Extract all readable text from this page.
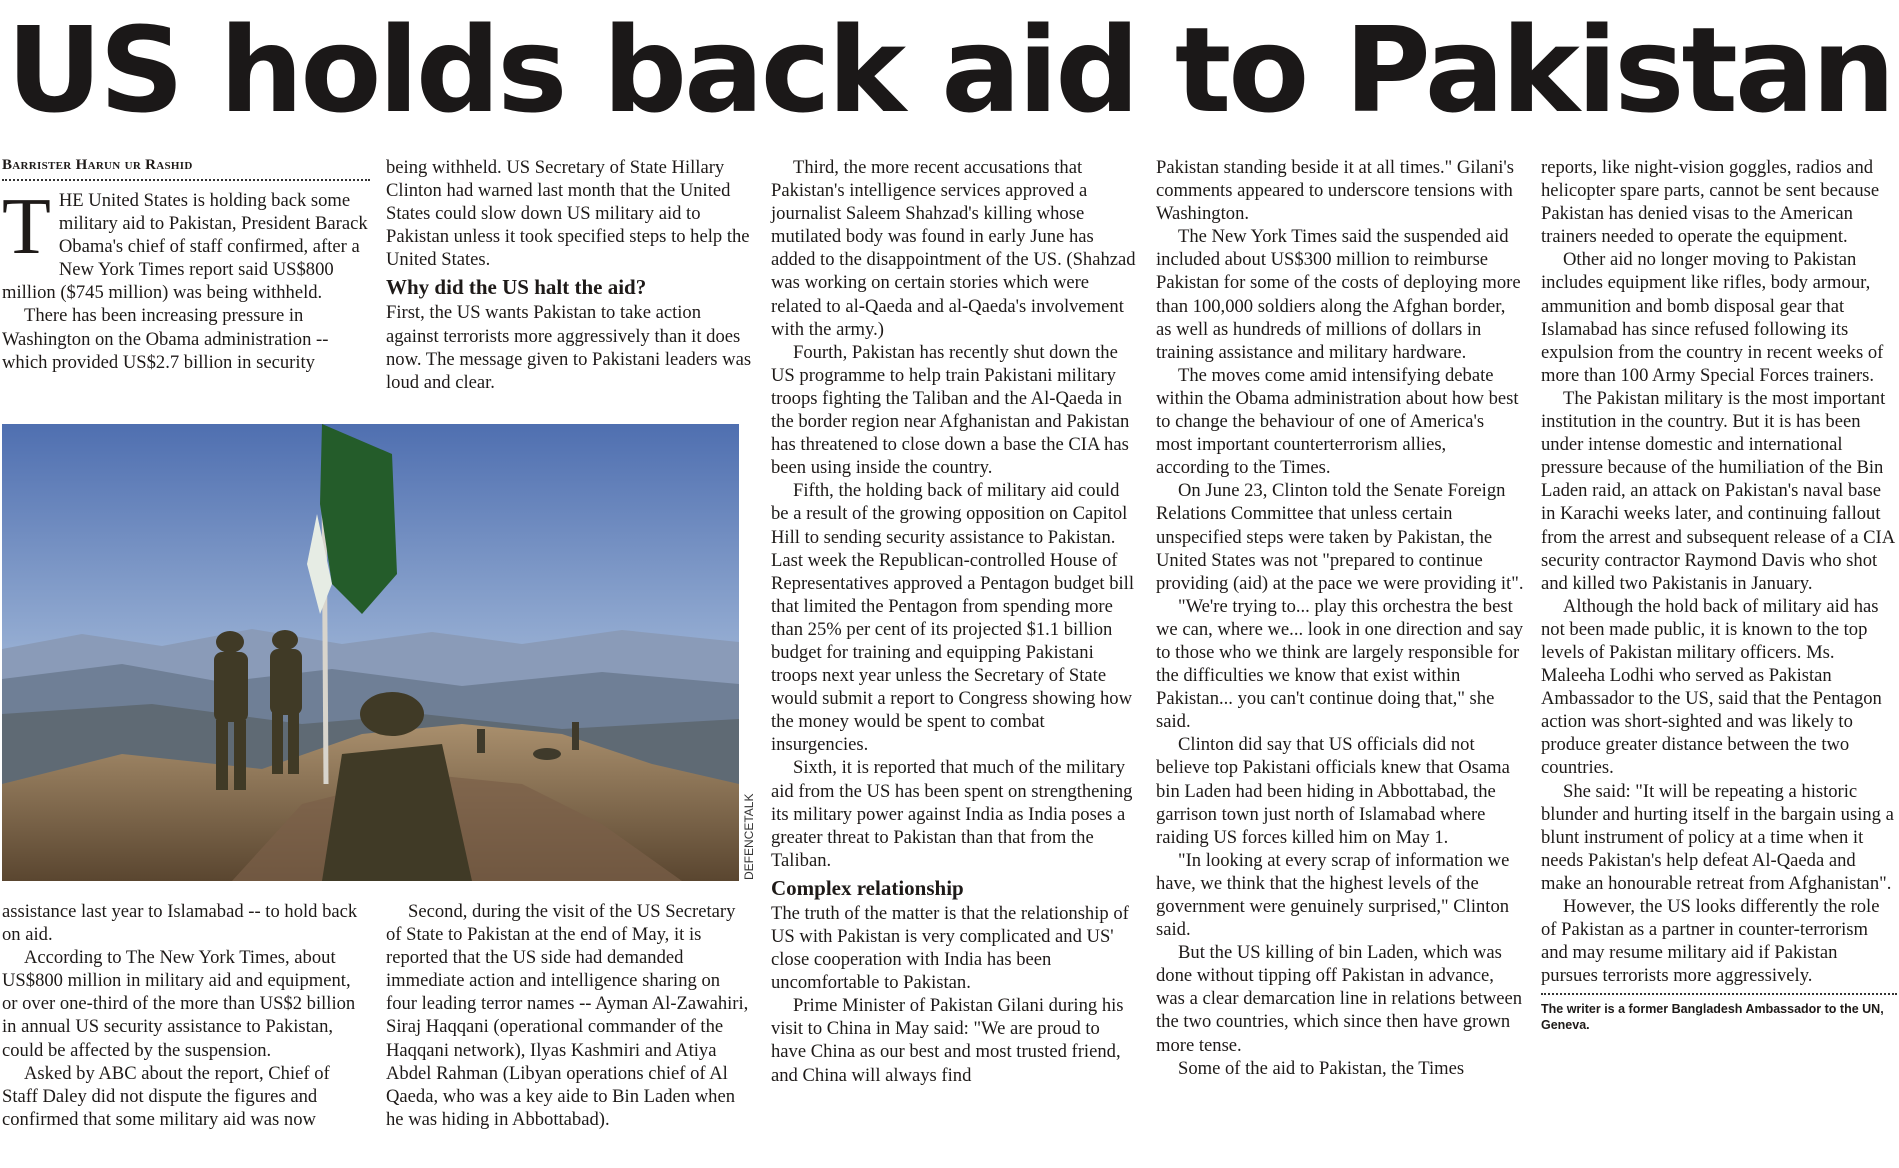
US holds back aid to Pakistan
Barrister Harun ur Rashid

THE United States is holding back some military aid to Pakistan, President Barack Obama's chief of staff confirmed, after a New York Times report said US$800 million ($745 million) was being withheld.

There has been increasing pressure in Washington on the Obama administration -- which provided US$2.7 billion in security

being withheld. US Secretary of State Hillary Clinton had warned last month that the United States could slow down US military aid to Pakistan unless it took specified steps to help the United States.

Why did the US halt the aid?

First, the US wants Pakistan to take action against terrorists more aggressively than it does now. The message given to Pakistani leaders was loud and clear.

DEFENCETALK

assistance last year to Islamabad -- to hold back on aid.

According to The New York Times, about US$800 million in military aid and equipment, or over one-third of the more than US$2 billion in annual US security assistance to Pakistan, could be affected by the suspension.

Asked by ABC about the report, Chief of Staff Daley did not dispute the figures and confirmed that some military aid was now

Second, during the visit of the US Secretary of State to Pakistan at the end of May, it is reported that the US side had demanded immediate action and intelligence sharing on four leading terror names -- Ayman Al-Zawahiri, Siraj Haqqani (operational commander of the Haqqani network), Ilyas Kashmiri and Atiya Abdel Rahman (Libyan operations chief of Al Qaeda, who was a key aide to Bin Laden when he was hiding in Abbottabad).

Third, the more recent accusations that Pakistan's intelligence services approved a journalist Saleem Shahzad's killing whose mutilated body was found in early June has added to the disappointment of the US. (Shahzad was working on certain stories which were related to al-Qaeda and al-Qaeda's involvement with the army.)

Fourth, Pakistan has recently shut down the US programme to help train Pakistani military troops fighting the Taliban and the Al-Qaeda in the border region near Afghanistan and Pakistan has threatened to close down a base the CIA has been using inside the country.

Fifth, the holding back of military aid could be a result of the growing opposition on Capitol Hill to sending security assistance to Pakistan. Last week the Republican-controlled House of Representatives approved a Pentagon budget bill that limited the Pentagon from spending more than 25% per cent of its projected $1.1 billion budget for training and equipping Pakistani troops next year unless the Secretary of State would submit a report to Congress showing how the money would be spent to combat insurgencies.

Sixth, it is reported that much of the military aid from the US has been spent on strengthening its military power against India as India poses a greater threat to Pakistan than that from the Taliban.

Complex relationship

The truth of the matter is that the relationship of US with Pakistan is very complicated and US' close cooperation with India has been uncomfortable to Pakistan.

Prime Minister of Pakistan Gilani during his visit to China in May said: "We are proud to have China as our best and most trusted friend, and China will always find

Pakistan standing beside it at all times." Gilani's comments appeared to underscore tensions with Washington.

The New York Times said the suspended aid included about US$300 million to reimburse Pakistan for some of the costs of deploying more than 100,000 soldiers along the Afghan border, as well as hundreds of millions of dollars in training assistance and military hardware.

The moves come amid intensifying debate within the Obama administration about how best to change the behaviour of one of America's most important counterterrorism allies, according to the Times.

On June 23, Clinton told the Senate Foreign Relations Committee that unless certain unspecified steps were taken by Pakistan, the United States was not "prepared to continue providing (aid) at the pace we were providing it".

"We're trying to... play this orchestra the best we can, where we... look in one direction and say to those who we think are largely responsible for the difficulties we know that exist within Pakistan... you can't continue doing that," she said.

Clinton did say that US officials did not believe top Pakistani officials knew that Osama bin Laden had been hiding in Abbottabad, the garrison town just north of Islamabad where raiding US forces killed him on May 1.

"In looking at every scrap of information we have, we think that the highest levels of the government were genuinely surprised," Clinton said.

But the US killing of bin Laden, which was done without tipping off Pakistan in advance, was a clear demarcation line in relations between the two countries, which since then have grown more tense.

Some of the aid to Pakistan, the Times

reports, like night-vision goggles, radios and helicopter spare parts, cannot be sent because Pakistan has denied visas to the American trainers needed to operate the equipment.

Other aid no longer moving to Pakistan includes equipment like rifles, body armour, ammunition and bomb disposal gear that Islamabad has since refused following its expulsion from the country in recent weeks of more than 100 Army Special Forces trainers.

The Pakistan military is the most important institution in the country. But it is has been under intense domestic and international pressure because of the humiliation of the Bin Laden raid, an attack on Pakistan's naval base in Karachi weeks later, and continuing fallout from the arrest and subsequent release of a CIA security contractor Raymond Davis who shot and killed two Pakistanis in January.

Although the hold back of military aid has not been made public, it is known to the top levels of Pakistan military officers. Ms. Maleeha Lodhi who served as Pakistan Ambassador to the US, said that the Pentagon action was short-sighted and was likely to produce greater distance between the two countries.

She said: "It will be repeating a historic blunder and hurting itself in the bargain using a blunt instrument of policy at a time when it needs Pakistan's help defeat Al-Qaeda and make an honourable retreat from Afghanistan".

However, the US looks differently the role of Pakistan as a partner in counter-terrorism and may resume military aid if Pakistan pursues terrorists more aggressively.

The writer is a former Bangladesh Ambassador to the UN, Geneva.
